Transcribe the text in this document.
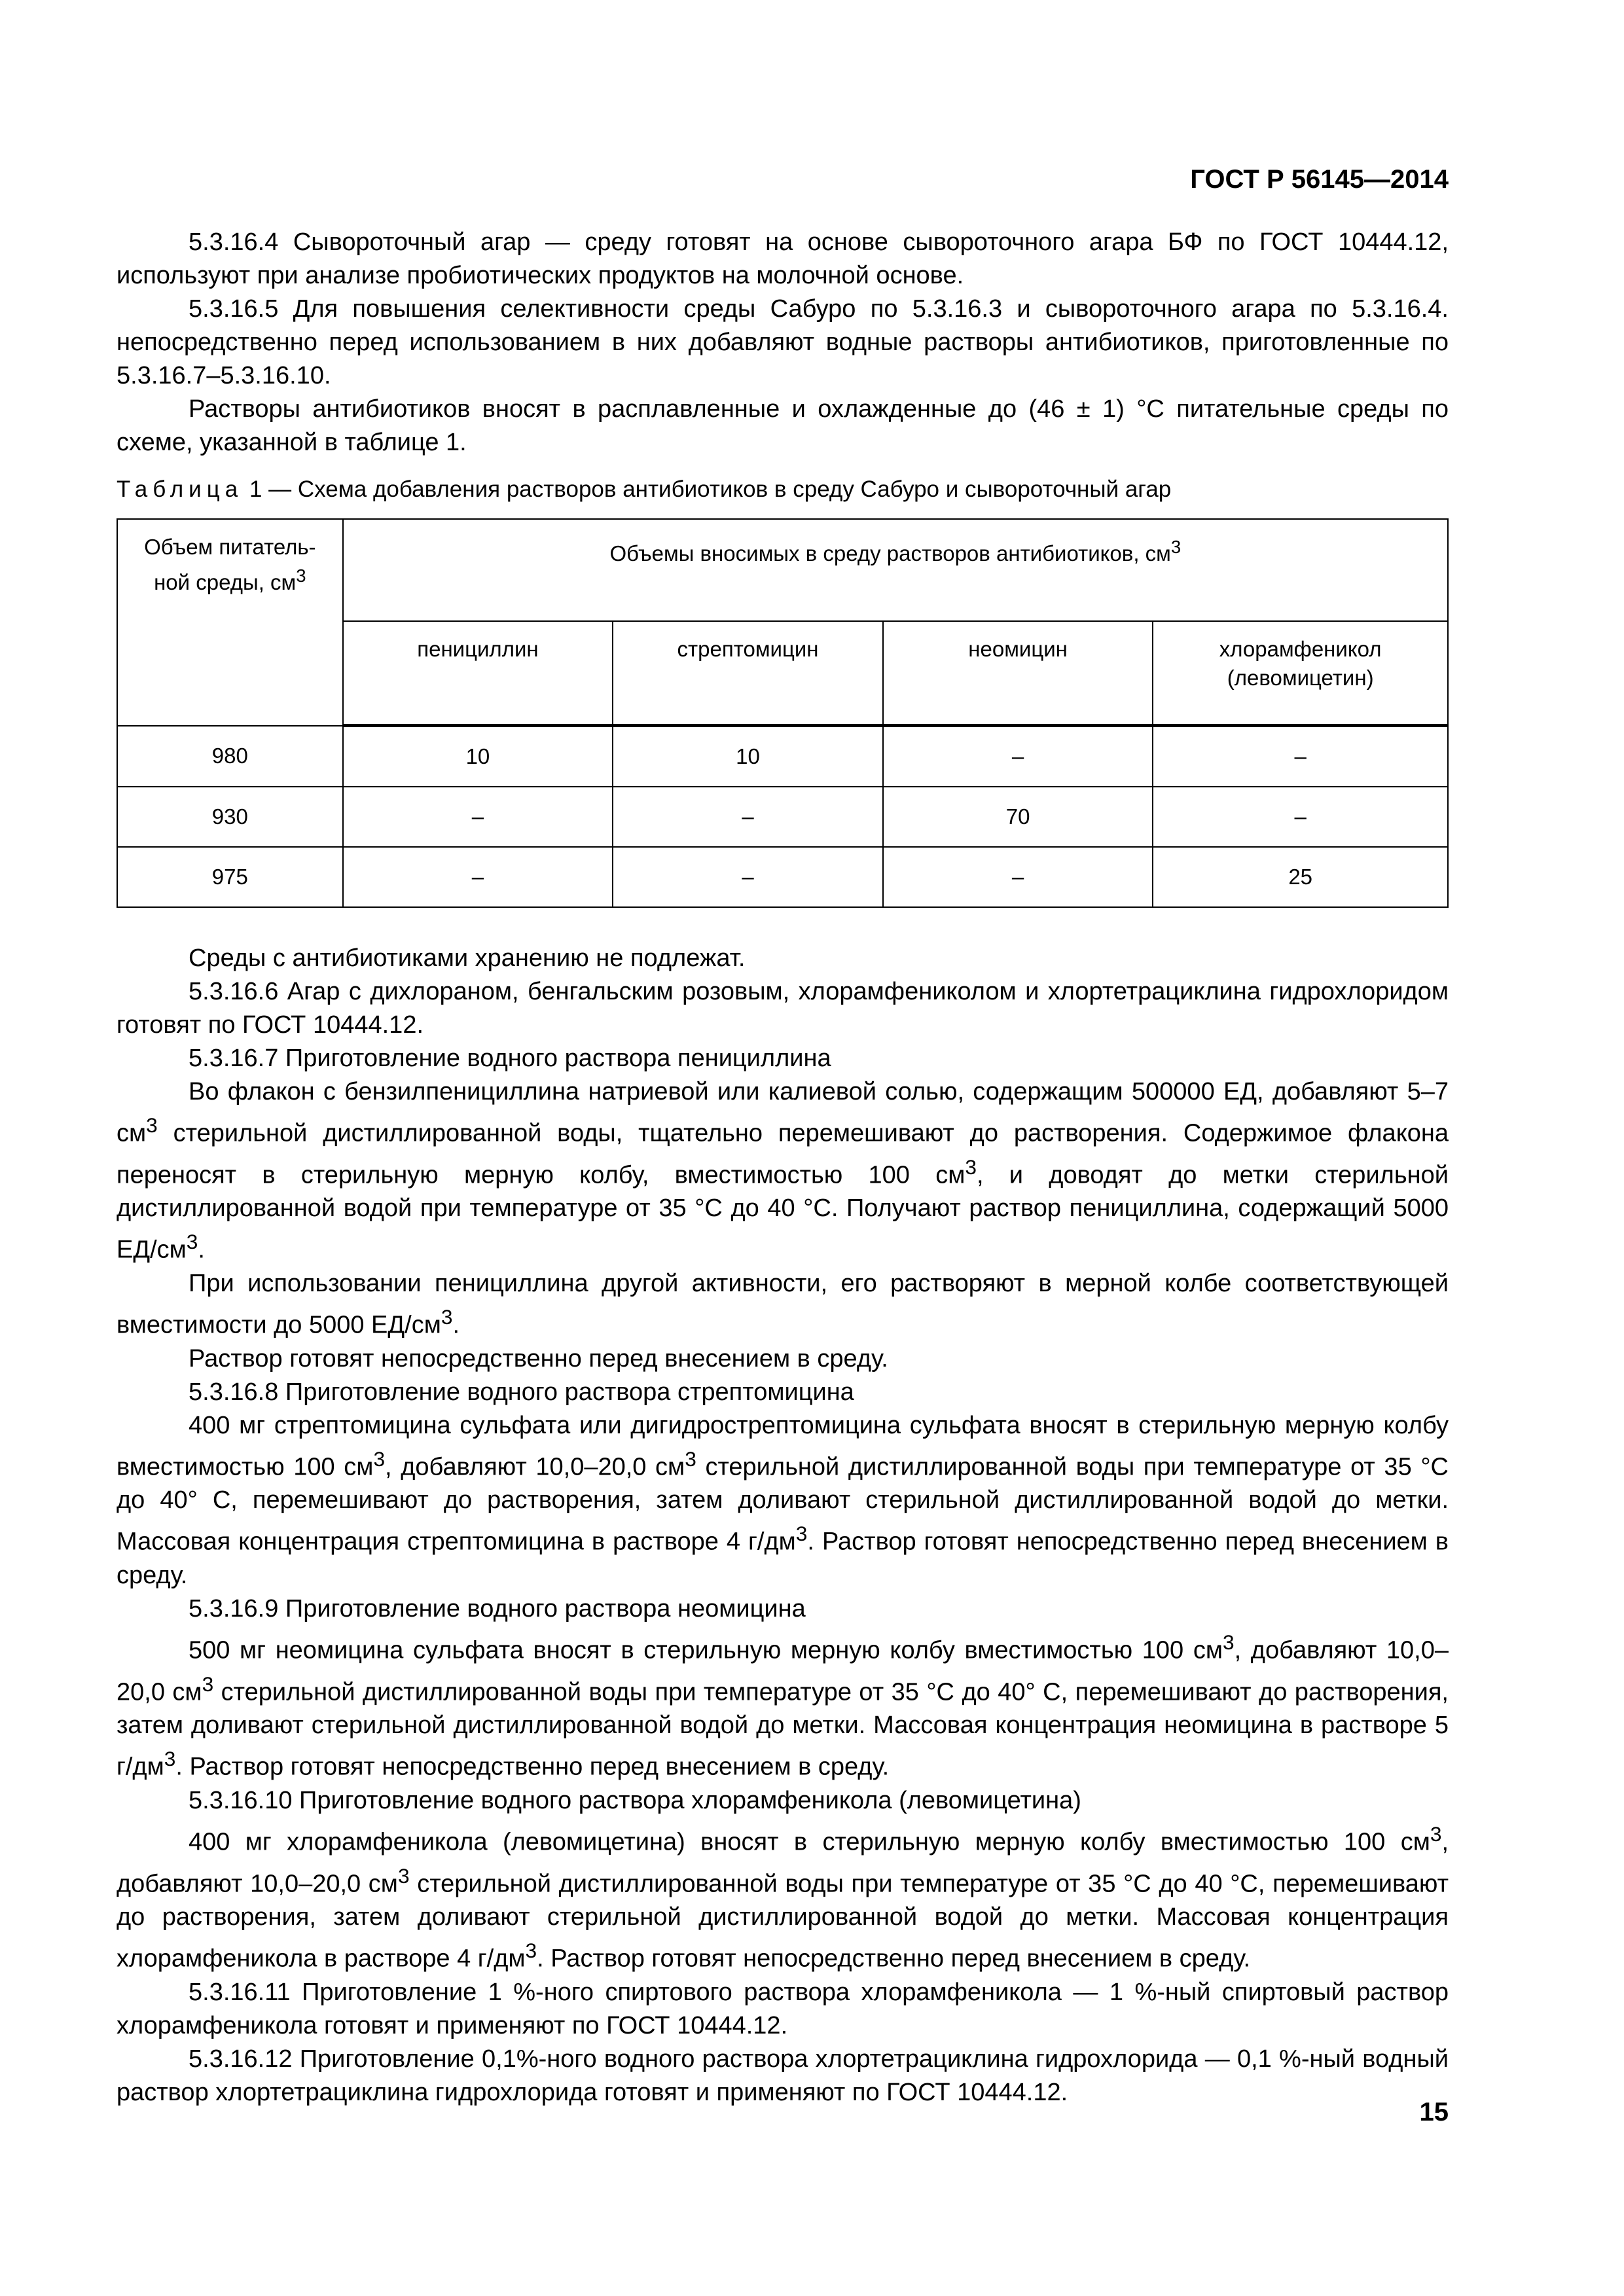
ГОСТ Р 56145—2014

5.3.16.4 Сывороточный агар — среду готовят на основе сывороточного агара БФ по ГОСТ 10444.12, используют при анализе пробиотических продуктов на молочной основе.

5.3.16.5 Для повышения селективности среды Сабуро по 5.3.16.3 и сывороточного агара по 5.3.16.4. непосредственно перед использованием в них добавляют водные растворы антибиотиков, приготовленные по 5.3.16.7–5.3.16.10.

Растворы антибиотиков вносят в расплавленные и охлажденные до (46 ± 1) °С питательные среды по схеме, указанной в таблице 1.

Таблица 1 — Схема добавления растворов антибиотиков в среду Сабуро и сывороточный агар
Объем питатель-ной среды, $см^3$	Объемы вносимых в среду растворов антибиотиков, $см^3$
	пенициллин	стрептомицин	неомицин	хлорамфеникол (левомицетин)
980	10	10	–	–
930	–	–	70	–
975	–	–	–	25

Среды с антибиотиками хранению не подлежат.

5.3.16.6 Агар с дихлораном, бенгальским розовым, хлорамфениколом и хлортетрациклина гидрохлоридом готовят по ГОСТ 10444.12.

5.3.16.7 Приготовление водного раствора пенициллина

Во флакон с бензилпенициллина натриевой или калиевой солью, содержащим 500000 ЕД, добавляют 5–7 $см^3$ стерильной дистиллированной воды, тщательно перемешивают до растворения. Содержимое флакона переносят в стерильную мерную колбу, вместимостью 100 $см^3$, и доводят до метки стерильной дистиллированной водой при температуре от 35 °С до 40 °С. Получают раствор пенициллина, содержащий 5000 $ЕД/см^3$.

При использовании пенициллина другой активности, его растворяют в мерной колбе соответствующей вместимости до 5000 $ЕД/см^3$.

Раствор готовят непосредственно перед внесением в среду.

5.3.16.8 Приготовление водного раствора стрептомицина

400 мг стрептомицина сульфата или дигидрострептомицина сульфата вносят в стерильную мерную колбу вместимостью 100 $см^3$, добавляют 10,0–20,0 $см^3$ стерильной дистиллированной воды при температуре от 35 °С до 40° С, перемешивают до растворения, затем доливают стерильной дистиллированной водой до метки. Массовая концентрация стрептомицина в растворе 4 $г/дм^3$. Раствор готовят непосредственно перед внесением в среду.

5.3.16.9 Приготовление водного раствора неомицина

500 мг неомицина сульфата вносят в стерильную мерную колбу вместимостью 100 $см^3$, добавляют 10,0–20,0 $см^3$ стерильной дистиллированной воды при температуре от 35 °С до 40° С, перемешивают до растворения, затем доливают стерильной дистиллированной водой до метки. Массовая концентрация неомицина в растворе 5 $г/дм^3$. Раствор готовят непосредственно перед внесением в среду.

5.3.16.10 Приготовление водного раствора хлорамфеникола (левомицетина)

400 мг хлорамфеникола (левомицетина) вносят в стерильную мерную колбу вместимостью 100 $см^3$, добавляют 10,0–20,0 $см^3$ стерильной дистиллированной воды при температуре от 35 °С до 40 °С, перемешивают до растворения, затем доливают стерильной дистиллированной водой до метки. Массовая концентрация хлорамфеникола в растворе 4 $г/дм^3$. Раствор готовят непосредственно перед внесением в среду.

5.3.16.11 Приготовление 1 %-ного спиртового раствора хлорамфеникола — 1 %-ный спиртовый раствор хлорамфеникола готовят и применяют по ГОСТ 10444.12.

5.3.16.12 Приготовление 0,1%-ного водного раствора хлортетрациклина гидрохлорида — 0,1 %-ный водный раствор хлортетрациклина гидрохлорида готовят и применяют по ГОСТ 10444.12.

15
